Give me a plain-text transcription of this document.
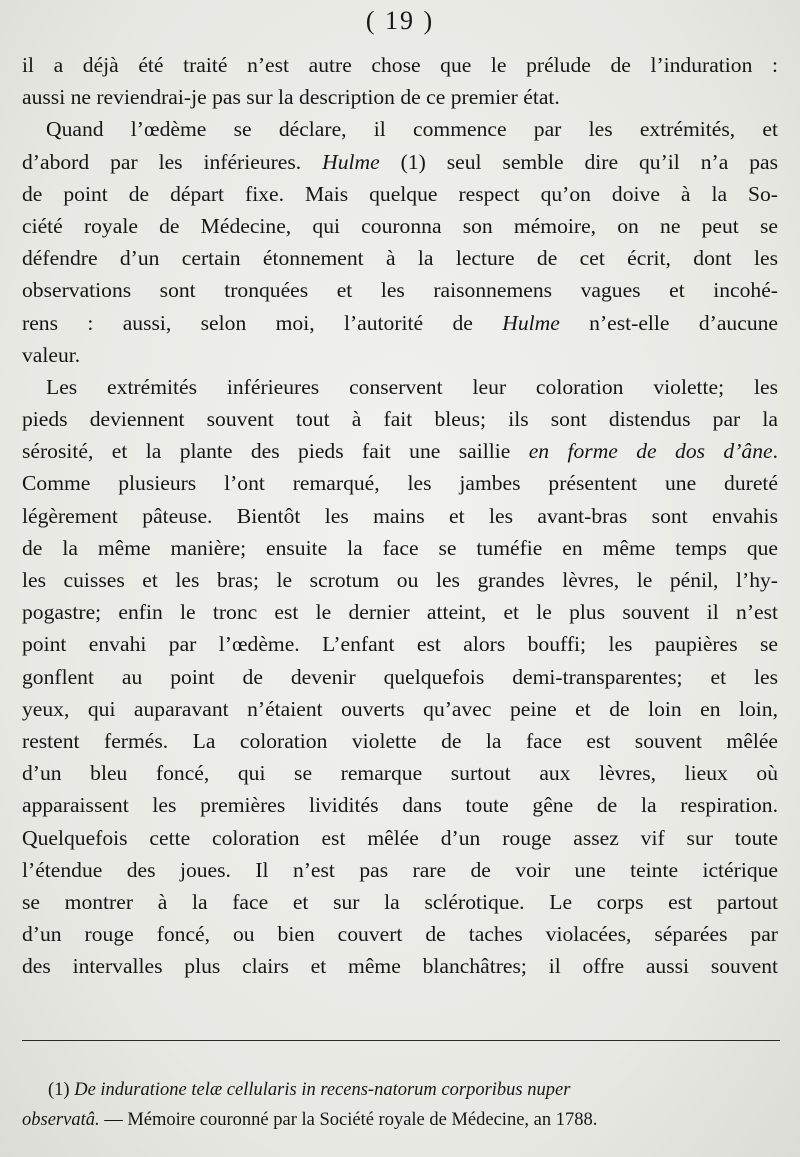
( 19 )
il a déjà été traité n’est autre chose que le prélude de l’induration :
aussi ne reviendrai-je pas sur la description de ce premier état.
Quand l’œdème se déclare, il commence par les extrémités, et
d’abord par les inférieures. Hulme (1) seul semble dire qu’il n’a pas
de point de départ fixe. Mais quelque respect qu’on doive à la So-
ciété royale de Médecine, qui couronna son mémoire, on ne peut se
défendre d’un certain étonnement à la lecture de cet écrit, dont les
observations sont tronquées et les raisonnemens vagues et incohé-
rens : aussi, selon moi, l’autorité de Hulme n’est-elle d’aucune
valeur.
Les extrémités inférieures conservent leur coloration violette; les
pieds deviennent souvent tout à fait bleus; ils sont distendus par la
sérosité, et la plante des pieds fait une saillie en forme de dos d’âne.
Comme plusieurs l’ont remarqué, les jambes présentent une dureté
légèrement pâteuse. Bientôt les mains et les avant-bras sont envahis
de la même manière; ensuite la face se tuméfie en même temps que
les cuisses et les bras; le scrotum ou les grandes lèvres, le pénil, l’hy-
pogastre; enfin le tronc est le dernier atteint, et le plus souvent il n’est
point envahi par l’œdème. L’enfant est alors bouffi; les paupières se
gonflent au point de devenir quelquefois demi-transparentes; et les
yeux, qui auparavant n’étaient ouverts qu’avec peine et de loin en loin,
restent fermés. La coloration violette de la face est souvent mêlée
d’un bleu foncé, qui se remarque surtout aux lèvres, lieux où
apparaissent les premières lividités dans toute gêne de la respiration.
Quelquefois cette coloration est mêlée d’un rouge assez vif sur toute
l’étendue des joues. Il n’est pas rare de voir une teinte ictérique
se montrer à la face et sur la sclérotique. Le corps est partout
d’un rouge foncé, ou bien couvert de taches violacées, séparées par
des intervalles plus clairs et même blanchâtres; il offre aussi souvent
(1) De induratione telæ cellularis in recens-natorum corporibus nuper
observatâ. — Mémoire couronné par la Société royale de Médecine, an 1788.
